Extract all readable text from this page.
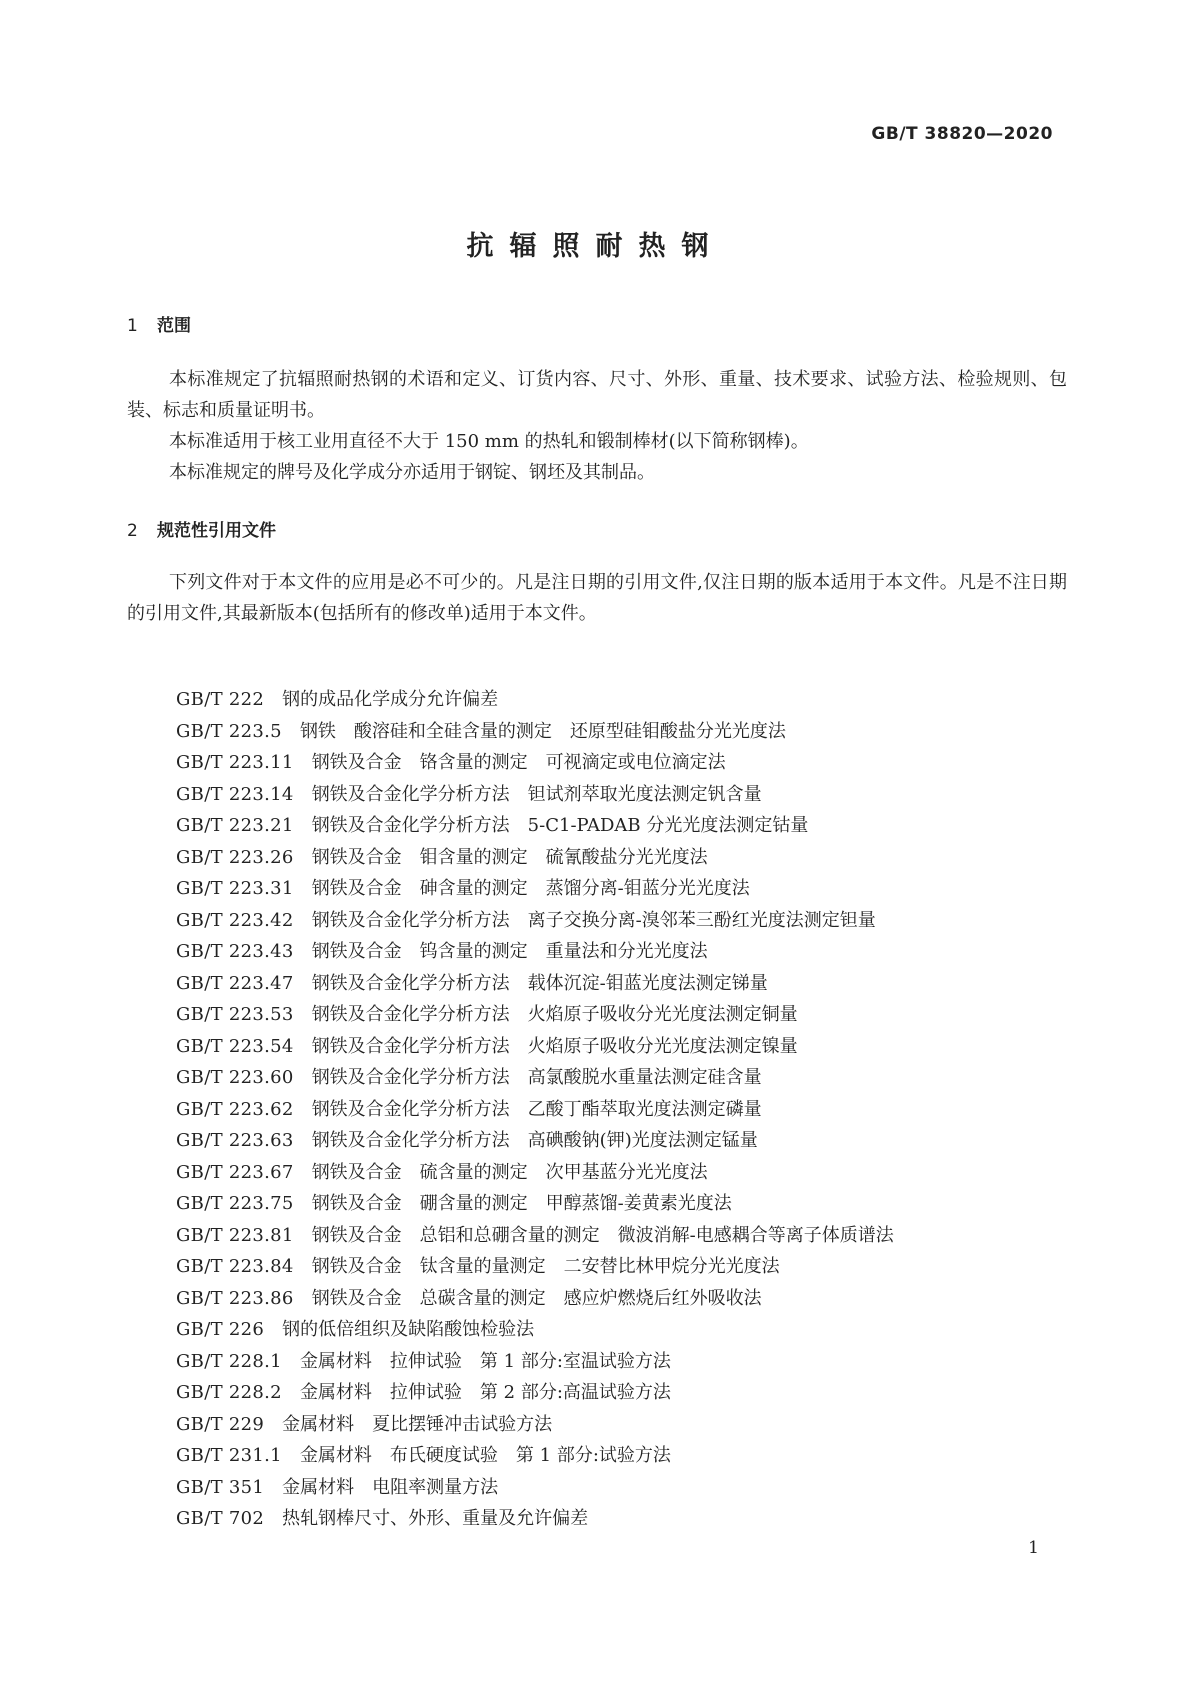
GB/T 38820—2020
抗辐照耐热钢
1 范围

本标准规定了抗辐照耐热钢的术语和定义、订货内容、尺寸、外形、重量、技术要求、试验方法、检验规则、包装、标志和质量证明书。

本标准适用于核工业用直径不大于 150 mm 的热轧和锻制棒材(以下简称钢棒)。

本标准规定的牌号及化学成分亦适用于钢锭、钢坯及其制品。

2 规范性引用文件

下列文件对于本文件的应用是必不可少的。凡是注日期的引用文件,仅注日期的版本适用于本文件。凡是不注日期的引用文件,其最新版本(包括所有的修改单)适用于本文件。

GB/T 222 钢的成品化学成分允许偏差
GB/T 223.5 钢铁　酸溶硅和全硅含量的测定　还原型硅钼酸盐分光光度法
GB/T 223.11 钢铁及合金　铬含量的测定　可视滴定或电位滴定法
GB/T 223.14 钢铁及合金化学分析方法　钽试剂萃取光度法测定钒含量
GB/T 223.21 钢铁及合金化学分析方法　5-C1-PADAB 分光光度法测定钴量
GB/T 223.26 钢铁及合金　钼含量的测定　硫氰酸盐分光光度法
GB/T 223.31 钢铁及合金　砷含量的测定　蒸馏分离-钼蓝分光光度法
GB/T 223.42 钢铁及合金化学分析方法　离子交换分离-溴邻苯三酚红光度法测定钽量
GB/T 223.43 钢铁及合金　钨含量的测定　重量法和分光光度法
GB/T 223.47 钢铁及合金化学分析方法　载体沉淀-钼蓝光度法测定锑量
GB/T 223.53 钢铁及合金化学分析方法　火焰原子吸收分光光度法测定铜量
GB/T 223.54 钢铁及合金化学分析方法　火焰原子吸收分光光度法测定镍量
GB/T 223.60 钢铁及合金化学分析方法　高氯酸脱水重量法测定硅含量
GB/T 223.62 钢铁及合金化学分析方法　乙酸丁酯萃取光度法测定磷量
GB/T 223.63 钢铁及合金化学分析方法　高碘酸钠(钾)光度法测定锰量
GB/T 223.67 钢铁及合金　硫含量的测定　次甲基蓝分光光度法
GB/T 223.75 钢铁及合金　硼含量的测定　甲醇蒸馏-姜黄素光度法
GB/T 223.81 钢铁及合金　总铝和总硼含量的测定　微波消解-电感耦合等离子体质谱法
GB/T 223.84 钢铁及合金　钛含量的量测定　二安替比林甲烷分光光度法
GB/T 223.86 钢铁及合金　总碳含量的测定　感应炉燃烧后红外吸收法
GB/T 226 钢的低倍组织及缺陷酸蚀检验法
GB/T 228.1 金属材料　拉伸试验　第 1 部分:室温试验方法
GB/T 228.2 金属材料　拉伸试验　第 2 部分:高温试验方法
GB/T 229 金属材料　夏比摆锤冲击试验方法
GB/T 231.1 金属材料　布氏硬度试验　第 1 部分:试验方法
GB/T 351 金属材料　电阻率测量方法
GB/T 702 热轧钢棒尺寸、外形、重量及允许偏差
1
